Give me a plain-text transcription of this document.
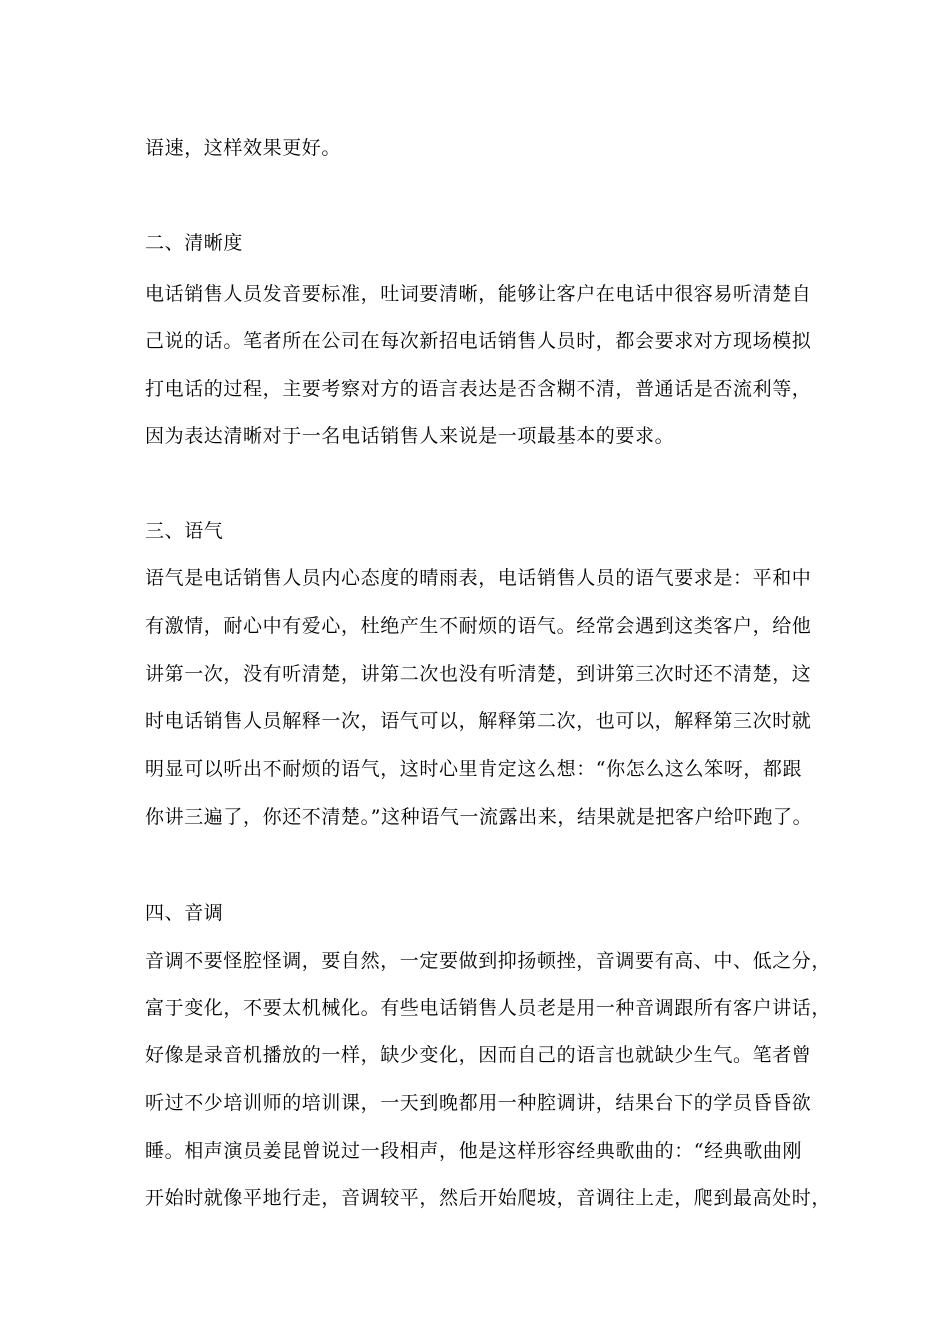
语速，这样效果更好。
二、清晰度
电话销售人员发音要标准，吐词要清晰，能够让客户在电话中很容易听清楚自
己说的话。笔者所在公司在每次新招电话销售人员时，都会要求对方现场模拟
打电话的过程，主要考察对方的语言表达是否含糊不清，普通话是否流利等，
因为表达清晰对于一名电话销售人来说是一项最基本的要求。
三、语气
语气是电话销售人员内心态度的晴雨表，电话销售人员的语气要求是：平和中
有激情，耐心中有爱心，杜绝产生不耐烦的语气。经常会遇到这类客户，给他
讲第一次，没有听清楚，讲第二次也没有听清楚，到讲第三次时还不清楚，这
时电话销售人员解释一次，语气可以，解释第二次，也可以，解释第三次时就
明显可以听出不耐烦的语气，这时心里肯定这么想：“你怎么这么笨呀，都跟
你讲三遍了，你还不清楚。”这种语气一流露出来，结果就是把客户给吓跑了。
四、音调
音调不要怪腔怪调，要自然，一定要做到抑扬顿挫，音调要有高、中、低之分，
富于变化，不要太机械化。有些电话销售人员老是用一种音调跟所有客户讲话，
好像是录音机播放的一样，缺少变化，因而自己的语言也就缺少生气。笔者曾
听过不少培训师的培训课，一天到晚都用一种腔调讲，结果台下的学员昏昏欲
睡。相声演员姜昆曾说过一段相声，他是这样形容经典歌曲的：“经典歌曲刚
开始时就像平地行走，音调较平，然后开始爬坡，音调往上走，爬到最高处时，
